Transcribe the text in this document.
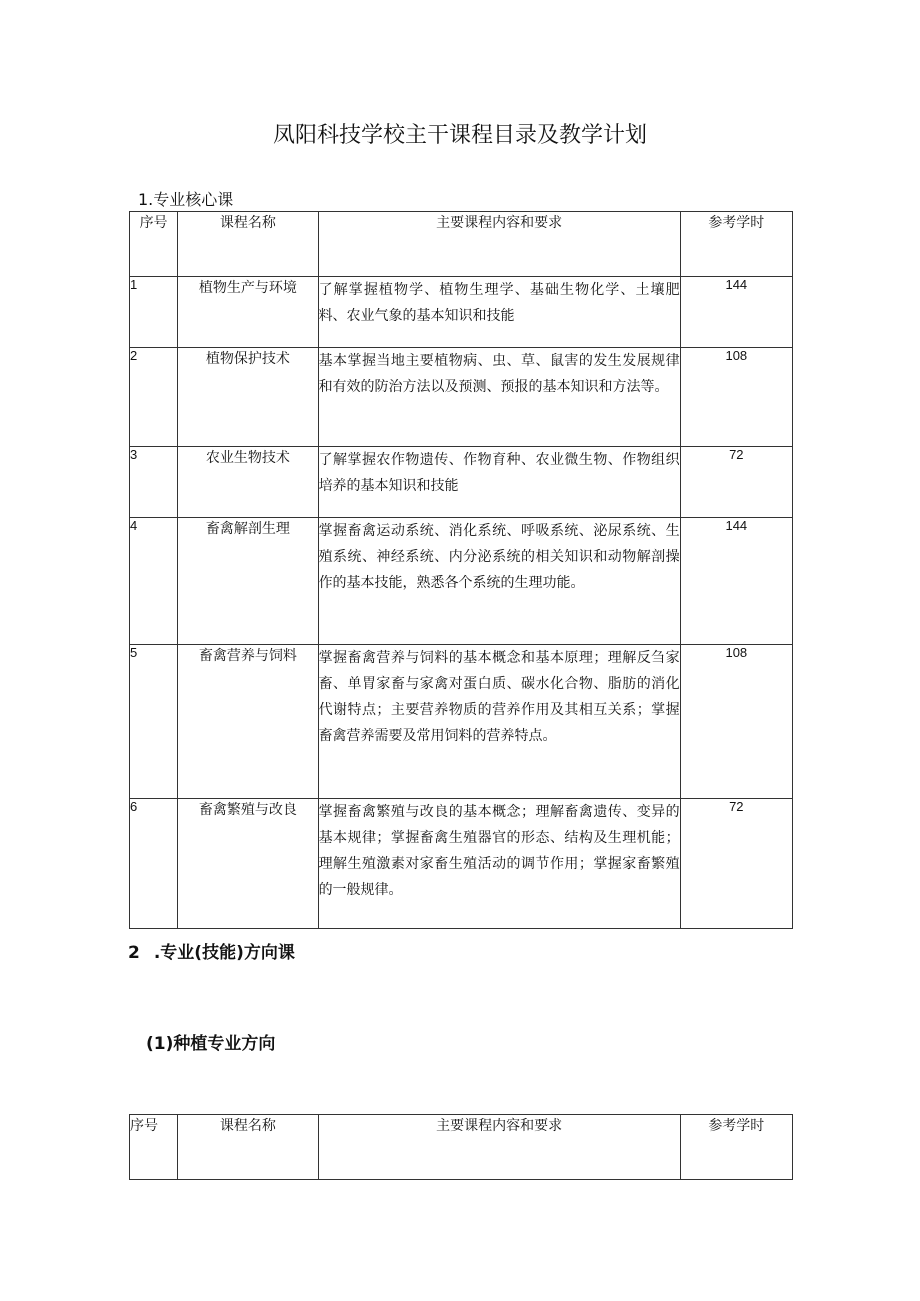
凤阳科技学校主干课程目录及教学计划
1.专业核心课
序号	课程名称	主要课程内容和要求	参考学时
1	植物生产与环境	了解掌握植物学、植物生理学、基础生物化学、土壤肥料、农业气象的基本知识和技能	144
2	植物保护技术	基本掌握当地主要植物病、虫、草、鼠害的发生发展规律和有效的防治方法以及预测、预报的基本知识和方法等。	108
3	农业生物技术	了解掌握农作物遗传、作物育种、农业微生物、作物组织培养的基本知识和技能	72
4	畜禽解剖生理	掌握畜禽运动系统、消化系统、呼吸系统、泌尿系统、生殖系统、神经系统、内分泌系统的相关知识和动物解剖操作的基本技能，熟悉各个系统的生理功能。	144
5	畜禽营养与饲料	掌握畜禽营养与饲料的基本概念和基本原理；理解反刍家畜、单胃家畜与家禽对蛋白质、碳水化合物、脂肪的消化代谢特点；主要营养物质的营养作用及其相互关系；掌握畜禽营养需要及常用饲料的营养特点。	108
6	畜禽繁殖与改良	掌握畜禽繁殖与改良的基本概念；理解畜禽遗传、变异的基本规律；掌握畜禽生殖器官的形态、结构及生理机能；理解生殖激素对家畜生殖活动的调节作用；掌握家畜繁殖的一般规律。	72
2 .专业(技能)方向课
(1)种植专业方向
序号	课程名称	主要课程内容和要求	参考学时
